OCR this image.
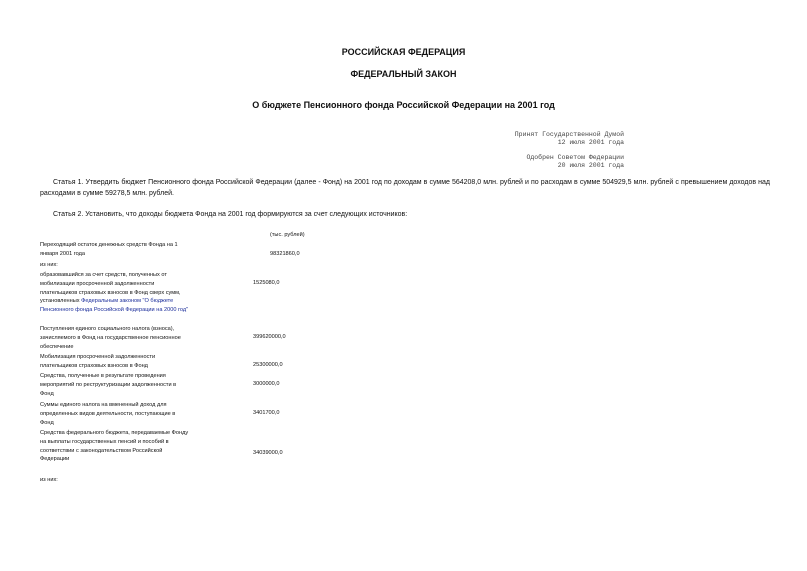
РОССИЙСКАЯ ФЕДЕРАЦИЯ
ФЕДЕРАЛЬНЫЙ ЗАКОН
О бюджете Пенсионного фонда Российской Федерации на 2001 год
Принят Государственной Думой
12 июля 2001 года
Одобрен Советом Федерации
20 июля 2001 года
Статья 1. Утвердить бюджет Пенсионного фонда Российской Федерации (далее - Фонд) на 2001 год по доходам в сумме 564208,0 млн. рублей и по расходам в сумме 504929,5 млн. рублей с превышением доходов над расходами в сумме 59278,5 млн. рублей.
Статья 2. Установить, что доходы бюджета Фонда на 2001 год формируются за счет следующих источников:
(тыс. рублей)
Переходящий остаток денежных средств Фонда на 1 января 2001 года	98321860,0
из них:
образовавшийся за счет средств, полученных от мобилизации просроченной задолженности плательщиков страховых взносов в Фонд сверх сумм, установленных Федеральным законом "О бюджете Пенсионного фонда Российской Федерации на 2000 год"
1525080,0
Поступления единого социального налога (взноса), зачисляемого в Фонд на государственное пенсионное обеспечение
399620000,0
Мобилизация просроченной задолженности плательщиков страховых взносов в Фонд	25300000,0
Средства, полученные в результате проведения мероприятий по реструктуризации задолженности в Фонд
3000000,0
Суммы единого налога на вмененный доход для определенных видов деятельности, поступающие в Фонд
3401700,0
Средства федерального бюджета, передаваемые Фонду на выплаты государственных пенсий и пособий в соответствии с законодательством Российской Федерации
34039000,0
из них:
